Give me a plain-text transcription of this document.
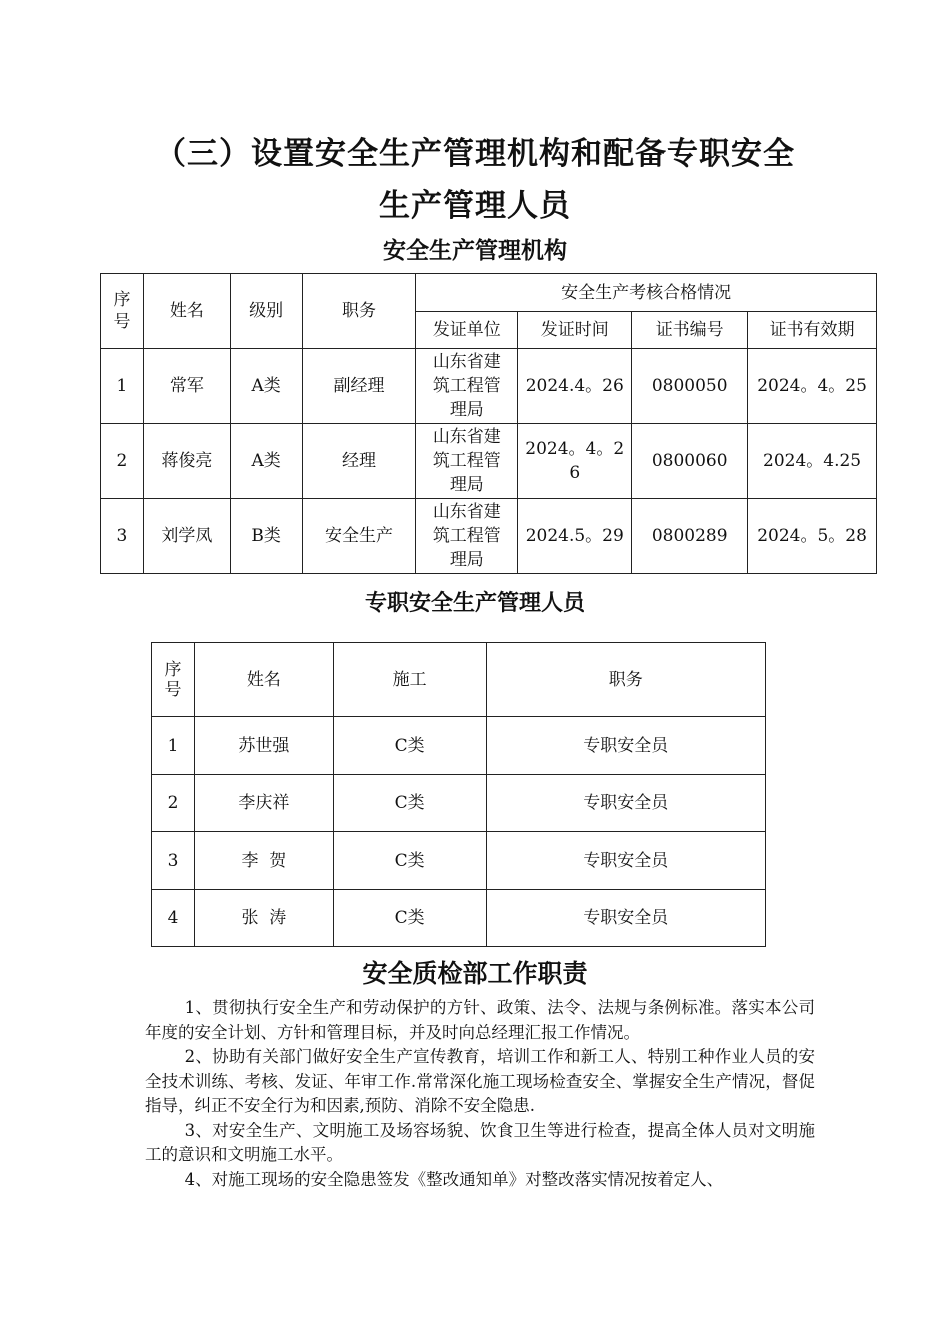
（三）设置安全生产管理机构和配备专职安全
生产管理人员
安全生产管理机构
序号	姓名	级别	职务	安全生产考核合格情况			
				发证单位	发证时间	证书编号	证书有效期
1	常军	A类	副经理	山东省建筑工程管理局	2024.4。26	0800050	2024。4。25
2	蒋俊亮	A类	经理	山东省建筑工程管理局	2024。4。26	0800060	2024。4.25
3	刘学凤	B类	安全生产	山东省建筑工程管理局	2024.5。29	0800289	2024。5。28
专职安全生产管理人员
序号	姓名	施工	职务
1	苏世强	C类	专职安全员
2	李庆祥	C类	专职安全员
3	李  贺	C类	专职安全员
4	张  涛	C类	专职安全员
安全质检部工作职责

1、贯彻执行安全生产和劳动保护的方针、政策、法令、法规与条例标准。落实本公司年度的安全计划、方针和管理目标，并及时向总经理汇报工作情况。

2、协助有关部门做好安全生产宣传教育，培训工作和新工人、特别工种作业人员的安全技术训练、考核、发证、年审工作.常常深化施工现场检查安全、掌握安全生产情况，督促指导，纠正不安全行为和因素,预防、消除不安全隐患.

3、对安全生产、文明施工及场容场貌、饮食卫生等进行检查，提高全体人员对文明施工的意识和文明施工水平。

4、对施工现场的安全隐患签发《整改通知单》对整改落实情况按着定人、
